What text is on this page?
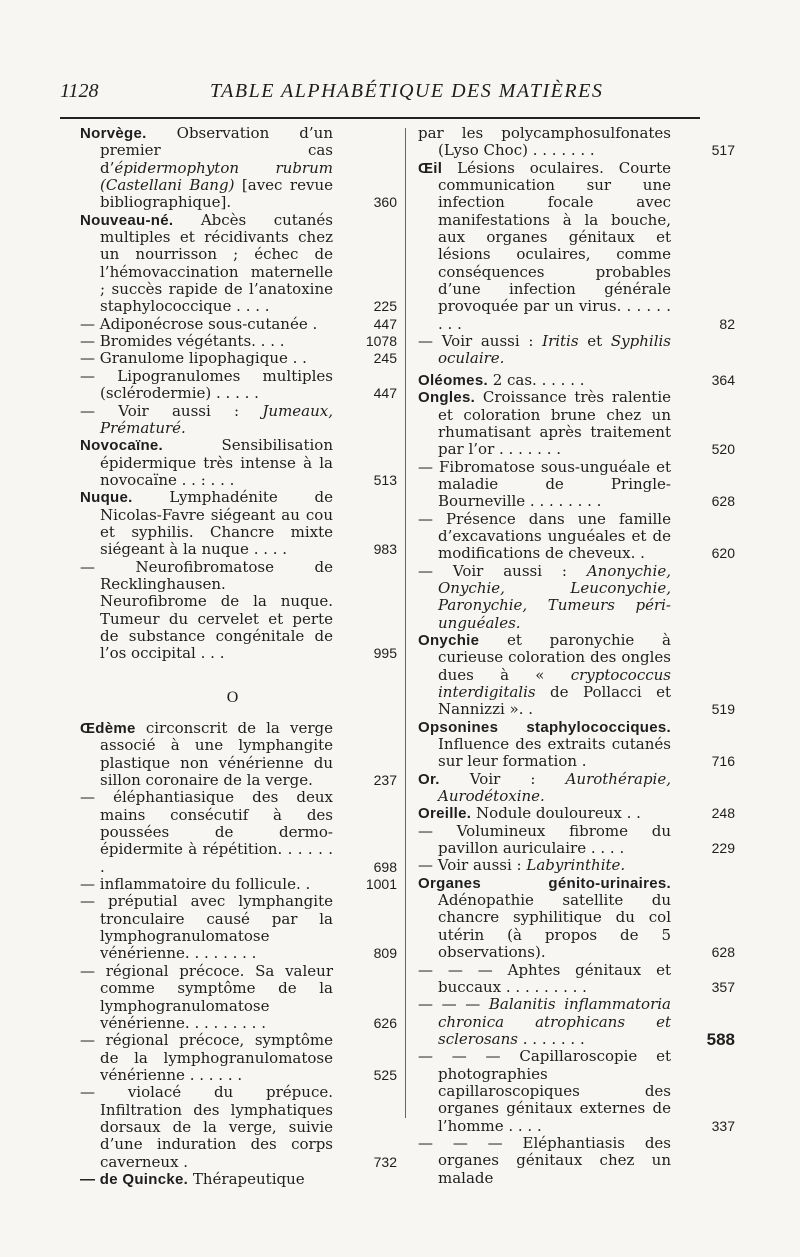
1128	TABLE ALPHABÉTIQUE DES MATIÈRES
Norvège. Observation d’un premier cas d’épidermophyton rubrum (Castellani Bang) [avec revue bibliographique].	360
Nouveau-né. Abcès cutanés multiples et récidivants chez un nourrisson ; échec de l’hémovaccination maternelle ; succès rapide de l’anatoxine staphylococcique . . . .	225
— Adiponécrose sous-cutanée .	447
— Bromides végétants. . . .	1078
— Granulome lipophagique . .	245
— Lipogranulomes multiples (sclérodermie) . . . . .	447
— Voir aussi : Jumeaux, Prématuré.
Novocaïne. Sensibilisation épidermique très intense à la novocaïne . . : . . .	513
Nuque. Lymphadénite de Nicolas-Favre siégeant au cou et syphilis. Chancre mixte siégeant à la nuque . . . .	983
— Neurofibromatose de Recklinghausen. Neurofibrome de la nuque. Tumeur du cervelet et perte de substance congénitale de l’os occipital . . .	995
O
Œdème circonscrit de la verge associé à une lymphangite plastique non vénérienne du sillon coronaire de la verge.	237
— éléphantiasique des deux mains consécutif à des poussées de dermo-épidermite à répétition. . . . . . .	698
— inflammatoire du follicule. .	1001
— préputial avec lymphangite tronculaire causé par la lymphogranulomatose vénérienne. . . . . . . .	809
— régional précoce. Sa valeur comme symptôme de la lymphogranulomatose vénérienne. . . . . . . . .	626
— régional précoce, symptôme de la lymphogranulomatose vénérienne . . . . . .	525
— violacé du prépuce. Infiltration des lymphatiques dorsaux de la verge, suivie d’une induration des corps caverneux .	732
— de Quincke. Thérapeutique
par les polycamphosulfonates (Lyso Choc) . . . . . . .	517
Œil Lésions oculaires. Courte communication sur une infection focale avec manifestations à la bouche, aux organes génitaux et lésions oculaires, comme conséquences probables d’une infection générale provoquée par un virus. . . . . . . . .	82
— Voir aussi : Iritis et Syphilis oculaire.
Oléomes. 2 cas. . . . . .	364
Ongles. Croissance très ralentie et coloration brune chez un rhumatisant après traitement par l’or . . . . . . .	520
— Fibromatose sous-unguéale et maladie de Pringle-Bourneville . . . . . . . .	628
— Présence dans une famille d’excavations unguéales et de modifications de cheveux. .	620
— Voir aussi : Anonychie, Onychie, Leuconychie, Paronychie, Tumeurs péri-unguéales.
Onychie et paronychie à curieuse coloration des ongles dues à « cryptococcus interdigitalis de Pollacci et Nannizzi ». .	519
Opsonines staphylococciques. Influence des extraits cutanés sur leur formation .	716
Or. Voir : Aurothérapie, Aurodétoxine.
Oreille. Nodule douloureux . .	248
— Volumineux fibrome du pavillon auriculaire . . . .	229
— Voir aussi : Labyrinthite.
Organes génito-urinaires. Adénopathie satellite du chancre syphilitique du col utérin (à propos de 5 observations).	628
— — — Aphtes génitaux et buccaux . . . . . . . . .	357
— — — Balanitis inflammatoria chronica atrophicans et sclerosans . . . . . . .	588
— — — Capillaroscopie et photographies capillaroscopiques des organes génitaux externes de l’homme . . . .	337
— — — Eléphantiasis des organes génitaux chez un malade
